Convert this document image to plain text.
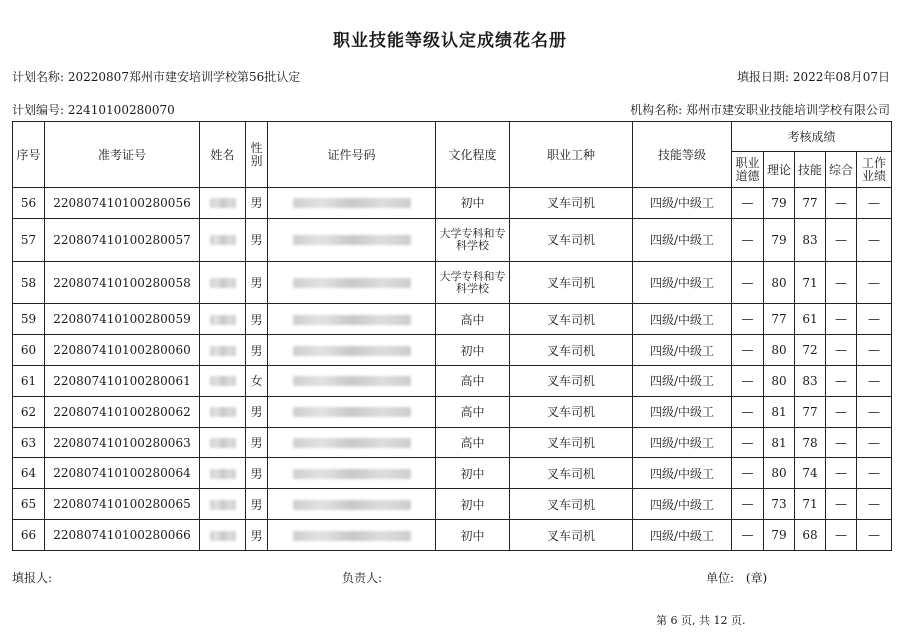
职业技能等级认定成绩花名册
计划名称: 20220807郑州市建安培训学校第56批认定	填报日期: 2022年08月07日
计划编号: 22410100280070	机构名称: 郑州市建安职业技能培训学校有限公司
序号	准考证号	姓名	性别	证件号码	文化程度	职业工种	技能等级	考核成绩				
								职业道德	理论	技能	综合	工作业绩
56	220807410100280056		男		初中	叉车司机	四级/中级工	—	79	77	—	—
57	220807410100280057		男		大学专科和专科学校	叉车司机	四级/中级工	—	79	83	—	—
58	220807410100280058		男		大学专科和专科学校	叉车司机	四级/中级工	—	80	71	—	—
59	220807410100280059		男		高中	叉车司机	四级/中级工	—	77	61	—	—
60	220807410100280060		男		初中	叉车司机	四级/中级工	—	80	72	—	—
61	220807410100280061		女		高中	叉车司机	四级/中级工	—	80	83	—	—
62	220807410100280062		男		高中	叉车司机	四级/中级工	—	81	77	—	—
63	220807410100280063		男		高中	叉车司机	四级/中级工	—	81	78	—	—
64	220807410100280064		男		初中	叉车司机	四级/中级工	—	80	74	—	—
65	220807410100280065		男		初中	叉车司机	四级/中级工	—	73	71	—	—
66	220807410100280066		男		初中	叉车司机	四级/中级工	—	79	68	—	—
填报人:	负责人:	单位: (章)
第 6 页, 共 12 页.
